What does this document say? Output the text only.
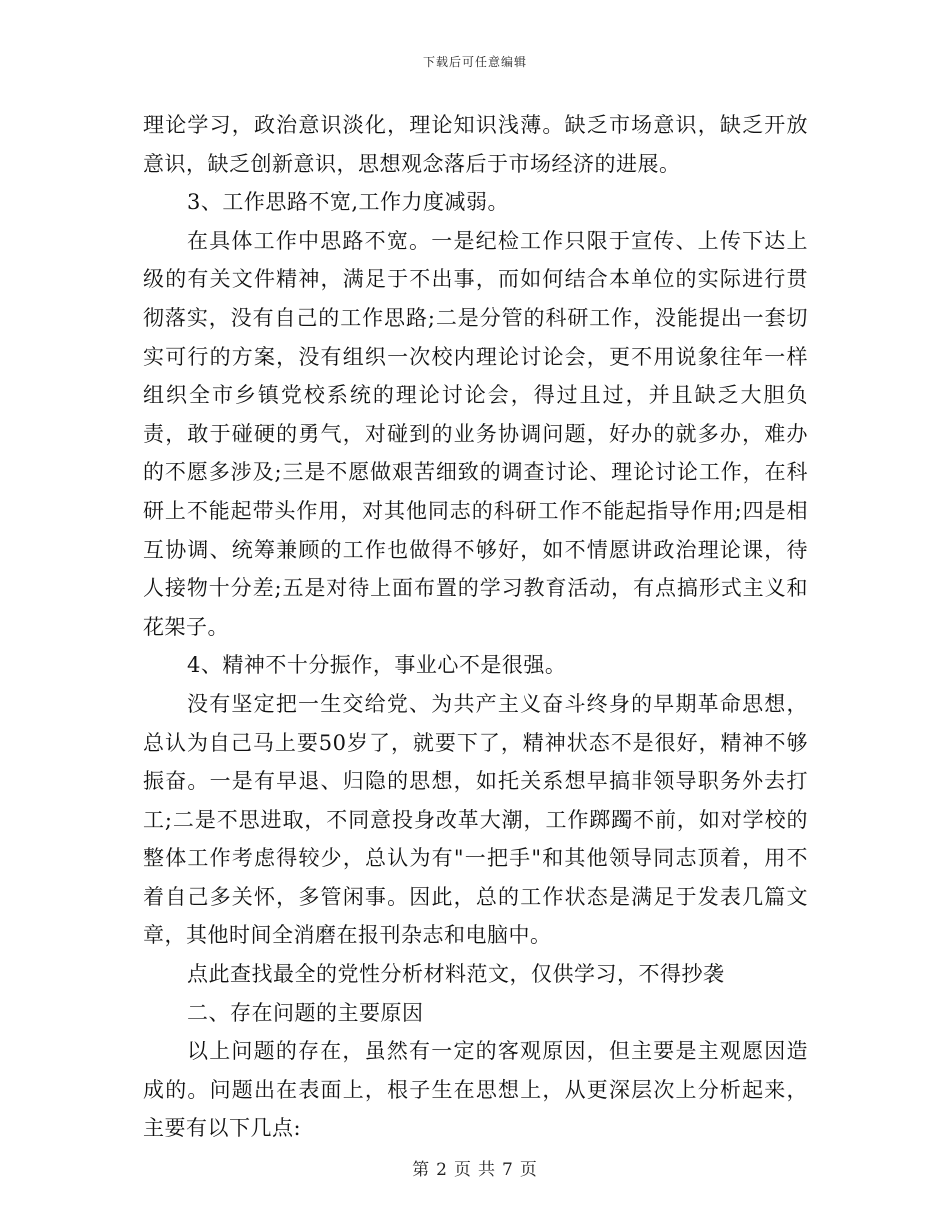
下载后可任意编辑

理论学习，政治意识淡化，理论知识浅薄。缺乏市场意识，缺乏开放意识，缺乏创新意识，思想观念落后于市场经济的进展。

3、工作思路不宽,工作力度减弱。

在具体工作中思路不宽。一是纪检工作只限于宣传、上传下达上级的有关文件精神，满足于不出事，而如何结合本单位的实际进行贯彻落实，没有自己的工作思路;二是分管的科研工作，没能提出一套切实可行的方案，没有组织一次校内理论讨论会，更不用说象往年一样组织全市乡镇党校系统的理论讨论会，得过且过，并且缺乏大胆负责，敢于碰硬的勇气，对碰到的业务协调问题，好办的就多办，难办的不愿多涉及;三是不愿做艰苦细致的调查讨论、理论讨论工作，在科研上不能起带头作用，对其他同志的科研工作不能起指导作用;四是相互协调、统筹兼顾的工作也做得不够好，如不情愿讲政治理论课，待人接物十分差;五是对待上面布置的学习教育活动，有点搞形式主义和花架子。

4、精神不十分振作，事业心不是很强。

没有坚定把一生交给党、为共产主义奋斗终身的早期革命思想，总认为自己马上要50岁了，就要下了，精神状态不是很好，精神不够振奋。一是有早退、归隐的思想，如托关系想早搞非领导职务外去打工;二是不思进取，不同意投身改革大潮，工作踯躅不前，如对学校的整体工作考虑得较少，总认为有"一把手"和其他领导同志顶着，用不着自己多关怀，多管闲事。因此，总的工作状态是满足于发表几篇文章，其他时间全消磨在报刊杂志和电脑中。

点此查找最全的党性分析材料范文，仅供学习，不得抄袭

二、存在问题的主要原因

以上问题的存在，虽然有一定的客观原因，但主要是主观愿因造成的。问题出在表面上，根子生在思想上，从更深层次上分析起来，主要有以下几点:

第 2 页 共 7 页
